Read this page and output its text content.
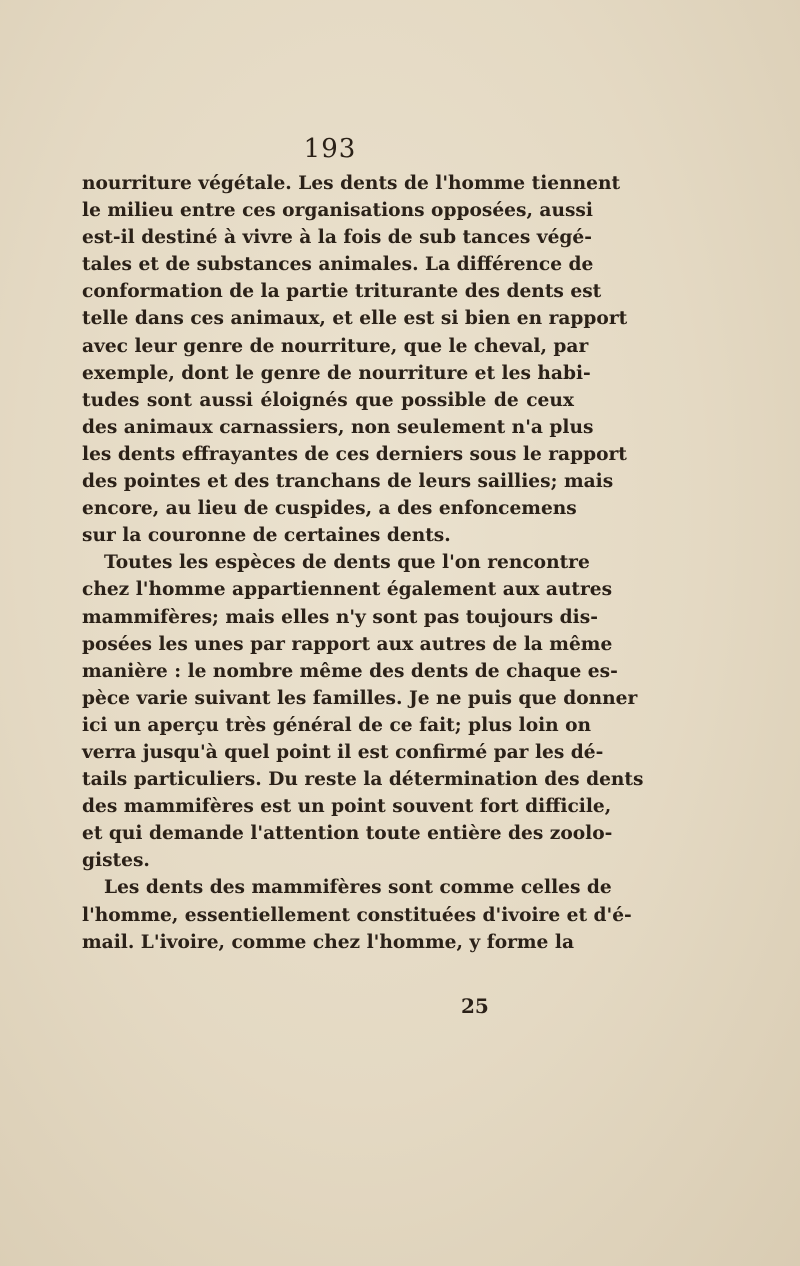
193
nourriture végétale. Les dents de l'homme tiennent
le milieu entre ces organisations opposées, aussi
est-il destiné à vivre à la fois de sub tances végé-
tales et de substances animales. La différence de
conformation de la partie triturante des dents est
telle dans ces animaux, et elle est si bien en rapport
avec leur genre de nourriture, que le cheval, par
exemple, dont le genre de nourriture et les habi-
tudes sont aussi éloignés que possible de ceux
des animaux carnassiers, non seulement n'a plus
les dents effrayantes de ces derniers sous le rapport
des pointes et des tranchans de leurs saillies; mais
encore, au lieu de cuspides, a des enfoncemens
sur la couronne de certaines dents.
Toutes les espèces de dents que l'on rencontre
chez l'homme appartiennent également aux autres
mammifères; mais elles n'y sont pas toujours dis-
posées les unes par rapport aux autres de la même
manière : le nombre même des dents de chaque es-
pèce varie suivant les familles. Je ne puis que donner
ici un aperçu très général de ce fait; plus loin on
verra jusqu'à quel point il est confirmé par les dé-
tails particuliers. Du reste la détermination des dents
des mammifères est un point souvent fort difficile,
et qui demande l'attention toute entière des zoolo-
gistes.
Les dents des mammifères sont comme celles de
l'homme, essentiellement constituées d'ivoire et d'é-
mail. L'ivoire, comme chez l'homme, y forme la
25
